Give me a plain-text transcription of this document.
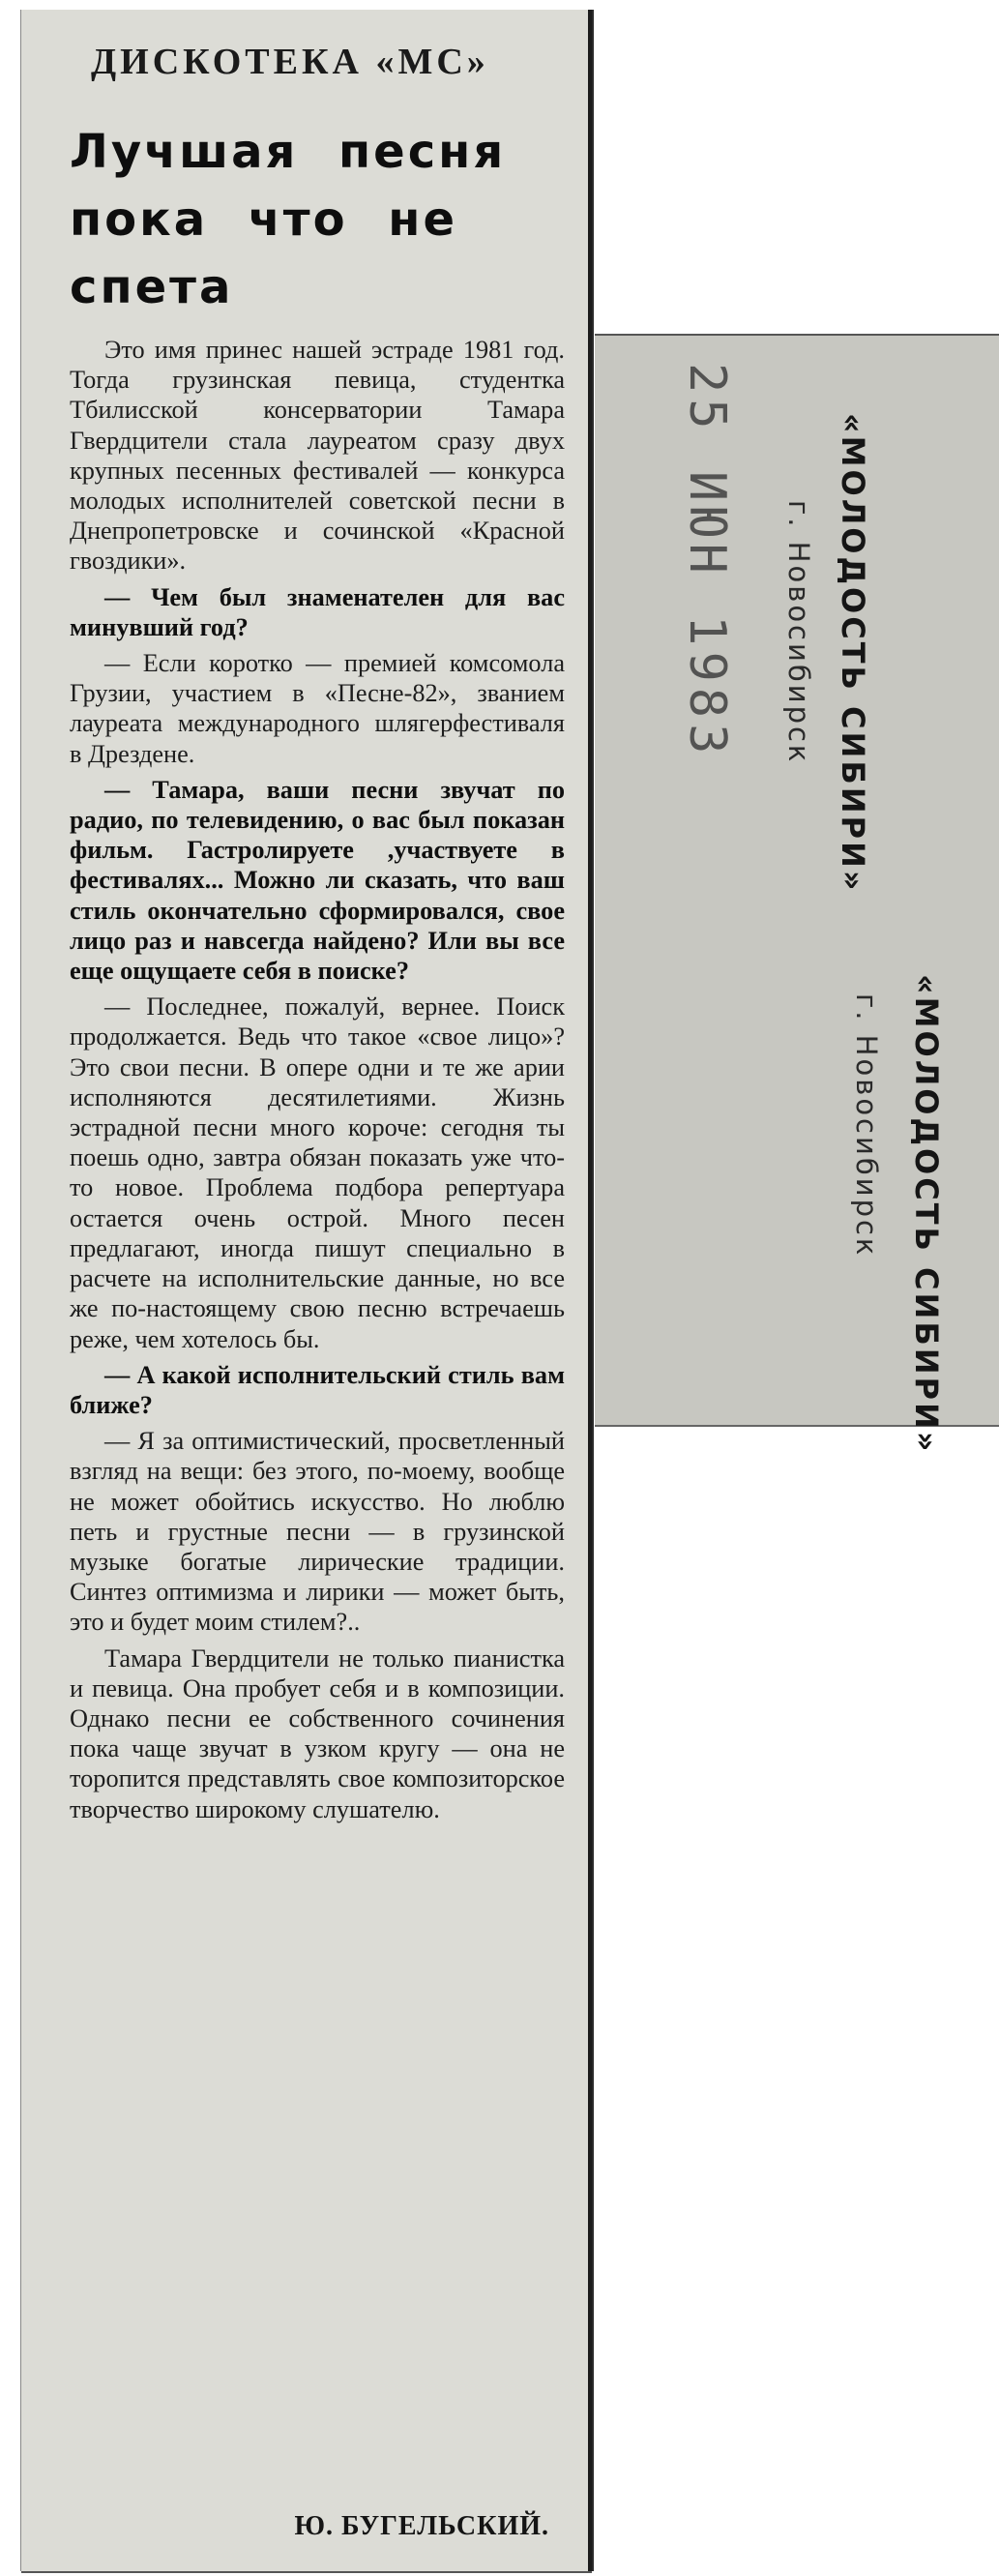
ДИСКОТЕКА «МС»
Лучшая песня пока что не спета

Это имя принес нашей эстраде 1981 год. Тогда грузинская певица, студентка Тбилисской консерватории Тамара Гвердцители стала лауреатом сразу двух крупных песенных фестивалей — конкурса молодых исполнителей советской песни в Днепропетровске и сочинской «Красной гвоздики».

— Чем был знаменателен для вас минувший год?

— Если коротко — премией комсомола Грузии, участием в «Песне-82», званием лауреата международного шлягерфестиваля в Дрездене.

— Тамара, ваши песни звучат по радио, по телевидению, о вас был показан фильм. Гастролируете ,участвуете в фестивалях... Можно ли сказать, что ваш стиль окончательно сформировался, свое лицо раз и навсегда найдено? Или вы все еще ощущаете себя в поиске?

— Последнее, пожалуй, вернее. Поиск продолжается. Ведь что такое «свое лицо»? Это свои песни. В опере одни и те же арии исполняются десятилетиями. Жизнь эстрадной песни много короче: сегодня ты поешь одно, завтра обязан показать уже что-то новое. Проблема подбора репертуара остается очень острой. Много песен предлагают, иногда пишут специально в расчете на исполнительские данные, но все же по-настоящему свою песню встречаешь реже, чем хотелось бы.

— А какой исполнительский стиль вам ближе?

— Я за оптимистический, просветленный взгляд на вещи: без этого, по-моему, вообще не может обойтись искусство. Но люблю петь и грустные песни — в грузинской музыке богатые лирические традиции. Синтез оптимизма и лирики — может быть, это и будет моим стилем?..

Тамара Гвердцители не только пианистка и певица. Она пробует себя и в композиции. Однако песни ее собственного сочинения пока чаще звучат в узком кругу — она не торопится представлять свое композиторское творчество широкому слушателю.

Ю. БУГЕЛЬСКИЙ.
25 ИЮН 1983	«МОЛОДОСТЬ СИБИРИ»
г. Новосибирск
«МОЛОДОСТЬ СИБИРИ»
г. Новосибирск
